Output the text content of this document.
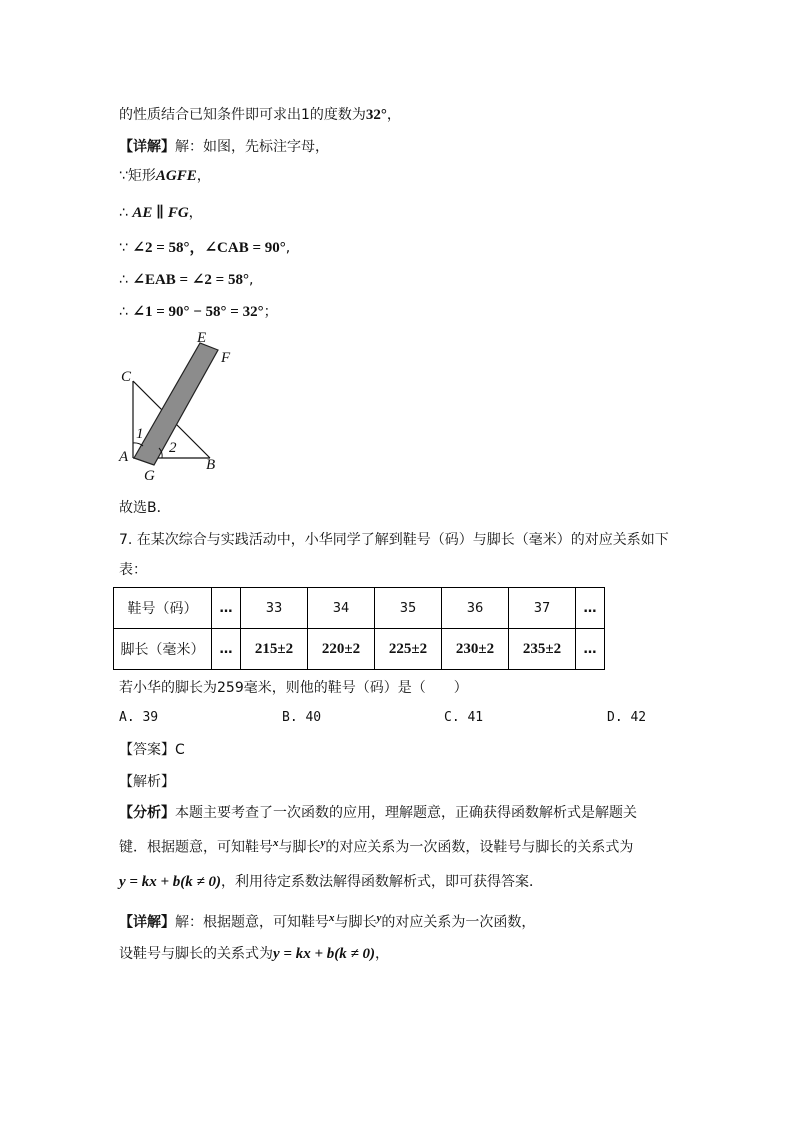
的性质结合已知条件即可求出1的度数为32°，
【详解】解：如图，先标注字母，
∵矩形AGFE，
∴ AE ∥ FG，
∵ ∠2 = 58°，∠CAB = 90°,
∴ ∠EAB = ∠2 = 58°,
∴ ∠1 = 90° − 58° = 32°；
E
F
C
1
2
A	B
G
故选B．
7. 在某次综合与实践活动中，小华同学了解到鞋号（码）与脚长（毫米）的对应关系如下
表：
鞋号（码）	…	33	34	35	36	37	…
脚长（毫米）	…	215±2	220±2	225±2	230±2	235±2	…
若小华的脚长为259毫米，则他的鞋号（码）是（　　）
A. 39	B. 40	C. 41	D. 42
【答案】C
【解析】
【分析】本题主要考查了一次函数的应用，理解题意，正确获得函数解析式是解题关
键．根据题意，可知鞋号$^x$与脚长$^y$的对应关系为一次函数，设鞋号与脚长的关系式为
y = kx + b(k ≠ 0)，利用待定系数法解得函数解析式，即可获得答案．
【详解】解：根据题意，可知鞋号$^x$与脚长$^y$的对应关系为一次函数，
设鞋号与脚长的关系式为y = kx + b(k ≠ 0)，
